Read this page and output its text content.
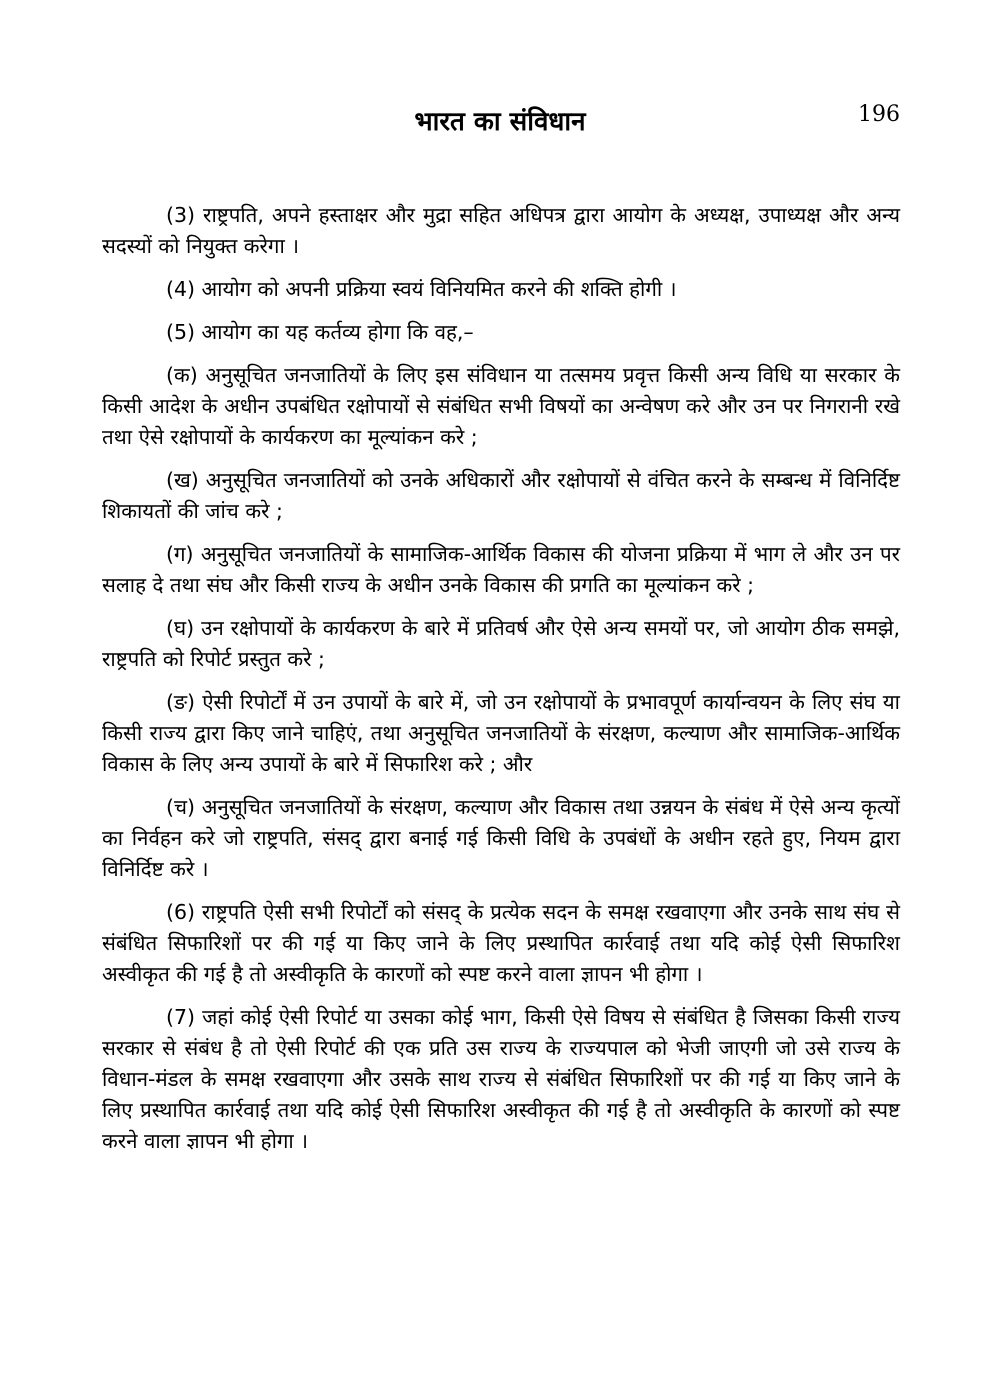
भारत का संविधान	196

(3) राष्ट्रपति, अपने हस्ताक्षर और मुद्रा सहित अधिपत्र द्वारा आयोग के अध्यक्ष, उपाध्यक्ष और अन्य सदस्यों को नियुक्त करेगा ।

(4) आयोग को अपनी प्रक्रिया स्वयं विनियमित करने की शक्ति होगी ।

(5) आयोग का यह कर्तव्य होगा कि वह,–

(क) अनुसूचित जनजातियों के लिए इस संविधान या तत्समय प्रवृत्त किसी अन्य विधि या सरकार के किसी आदेश के अधीन उपबंधित रक्षोपायों से संबंधित सभी विषयों का अन्वेषण करे और उन पर निगरानी रखे तथा ऐसे रक्षोपायों के कार्यकरण का मूल्यांकन करे ;

(ख) अनुसूचित जनजातियों को उनके अधिकारों और रक्षोपायों से वंचित करने के सम्बन्ध में विनिर्दिष्ट शिकायतों की जांच करे ;

(ग) अनुसूचित जनजातियों के सामाजिक-आर्थिक विकास की योजना प्रक्रिया में भाग ले और उन पर सलाह दे तथा संघ और किसी राज्य के अधीन उनके विकास की प्रगति का मूल्यांकन करे ;

(घ) उन रक्षोपायों के कार्यकरण के बारे में प्रतिवर्ष और ऐसे अन्य समयों पर, जो आयोग ठीक समझे, राष्ट्रपति को रिपोर्ट प्रस्तुत करे ;

(ङ) ऐसी रिपोर्टों में उन उपायों के बारे में, जो उन रक्षोपायों के प्रभावपूर्ण कार्यान्वयन के लिए संघ या किसी राज्य द्वारा किए जाने चाहिएं, तथा अनुसूचित जनजातियों के संरक्षण, कल्याण और सामाजिक-आर्थिक विकास के लिए अन्य उपायों के बारे में सिफारिश करे ; और

(च) अनुसूचित जनजातियों के संरक्षण, कल्याण और विकास तथा उन्नयन के संबंध में ऐसे अन्य कृत्यों का निर्वहन करे जो राष्ट्रपति, संसद् द्वारा बनाई गई किसी विधि के उपबंधों के अधीन रहते हुए, नियम द्वारा विनिर्दिष्ट करे ।

(6) राष्ट्रपति ऐसी सभी रिपोर्टों को संसद् के प्रत्येक सदन के समक्ष रखवाएगा और उनके साथ संघ से संबंधित सिफारिशों पर की गई या किए जाने के लिए प्रस्थापित कार्रवाई तथा यदि कोई ऐसी सिफारिश अस्वीकृत की गई है तो अस्वीकृति के कारणों को स्पष्ट करने वाला ज्ञापन भी होगा ।

(7) जहां कोई ऐसी रिपोर्ट या उसका कोई भाग, किसी ऐसे विषय से संबंधित है जिसका किसी राज्य सरकार से संबंध है तो ऐसी रिपोर्ट की एक प्रति उस राज्य के राज्यपाल को भेजी जाएगी जो उसे राज्य के विधान-मंडल के समक्ष रखवाएगा और उसके साथ राज्य से संबंधित सिफारिशों पर की गई या किए जाने के लिए प्रस्थापित कार्रवाई तथा यदि कोई ऐसी सिफारिश अस्वीकृत की गई है तो अस्वीकृति के कारणों को स्पष्ट करने वाला ज्ञापन भी होगा ।
